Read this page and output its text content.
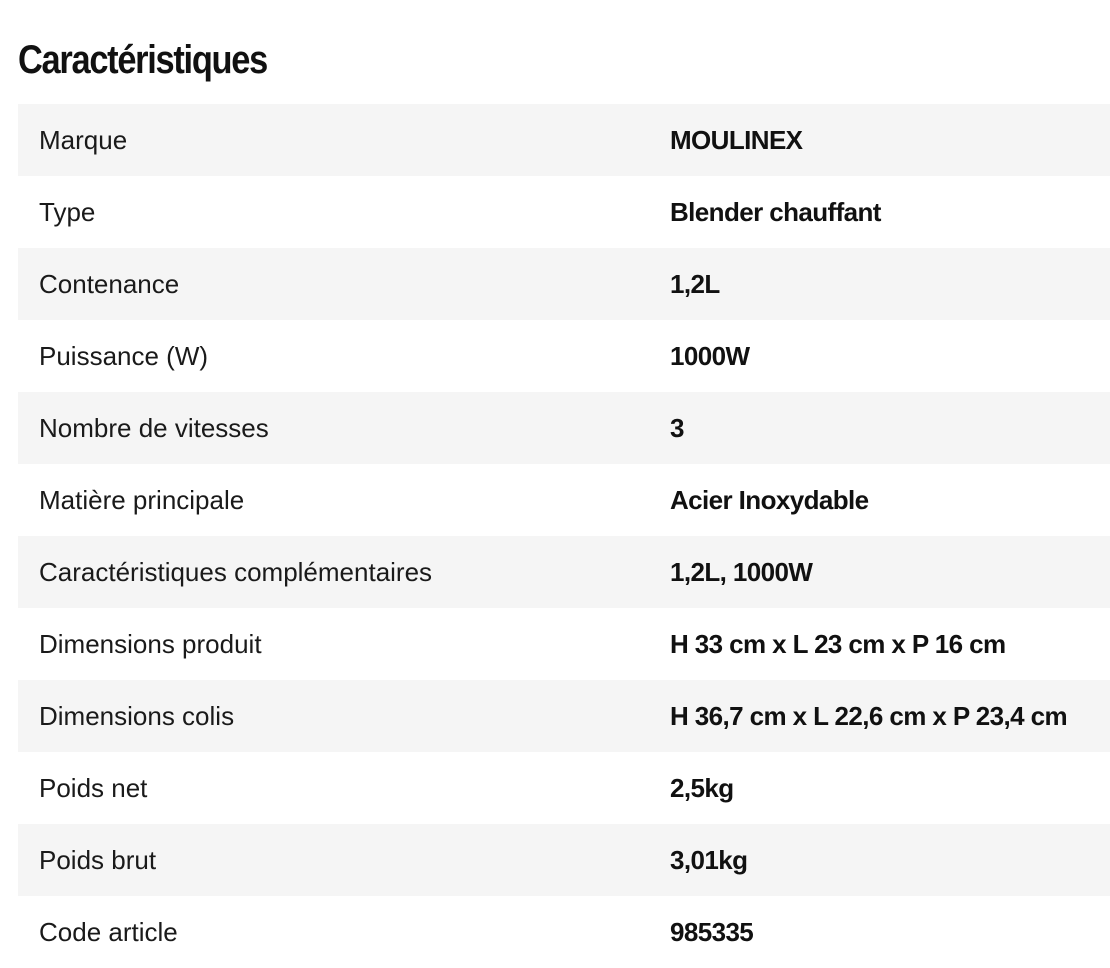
Caractéristiques
Marque	MOULINEX
Type	Blender chauffant
Contenance	1,2L
Puissance (W)	1000W
Nombre de vitesses	3
Matière principale	Acier Inoxydable
Caractéristiques complémentaires	1,2L, 1000W
Dimensions produit	H 33 cm x L 23 cm x P 16 cm
Dimensions colis	H 36,7 cm x L 22,6 cm x P 23,4 cm
Poids net	2,5kg
Poids brut	3,01kg
Code article	985335
